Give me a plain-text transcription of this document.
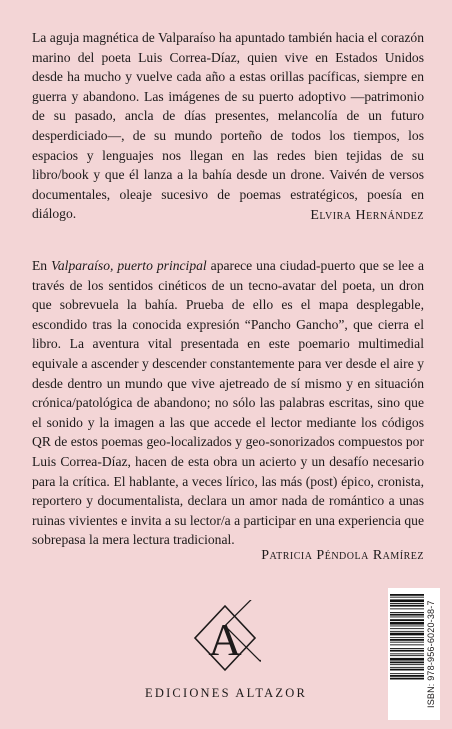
La aguja magnética de Valparaíso ha apuntado también hacia el corazón marino del poeta Luis Correa-Díaz, quien vive en Estados Unidos desde ha mucho y vuelve cada año a estas orillas pacíficas, siempre en guerra y abandono. Las imágenes de su puerto adoptivo —patrimonio de su pasado, ancla de días presentes, melancolía de un futuro desperdiciado—, de su mundo porteño de todos los tiempos, los espacios y lenguajes nos llegan en las redes bien tejidas de su libro/book y que él lanza a la bahía desde un drone. Vaivén de versos documentales, oleaje sucesivo de poemas estratégicos, poesía en diálogo.	Elvira Hernández

En Valparaíso, puerto principal aparece una ciudad-puerto que se lee a través de los sentidos cinéticos de un tecno-avatar del poeta, un dron que sobrevuela la bahía. Prueba de ello es el mapa desplegable, escondido tras la conocida expresión “Pancho Gancho”, que cierra el libro. La aventura vital presentada en este poemario multimedial equivale a ascender y descender constantemente para ver desde el aire y desde dentro un mundo que vive ajetreado de sí mismo y en situación crónica/patológica de abandono; no sólo las palabras escritas, sino que el sonido y la imagen a las que accede el lector mediante los códigos QR de estos poemas geo-localizados y geo-sonorizados compuestos por Luis Correa-Díaz, hacen de esta obra un acierto y un desafío necesario para la crítica. El hablante, a veces lírico, las más (post) épico, cronista, reportero y documentalista, declara un amor nada de romántico a unas ruinas vivientes e invita a su lector/a a participar en una experiencia que sobrepasa la mera lectura tradicional.

Patricia Péndola Ramírez
A
EDICIONES ALTAZOR	ISBN: 978-956-6020-38-7
